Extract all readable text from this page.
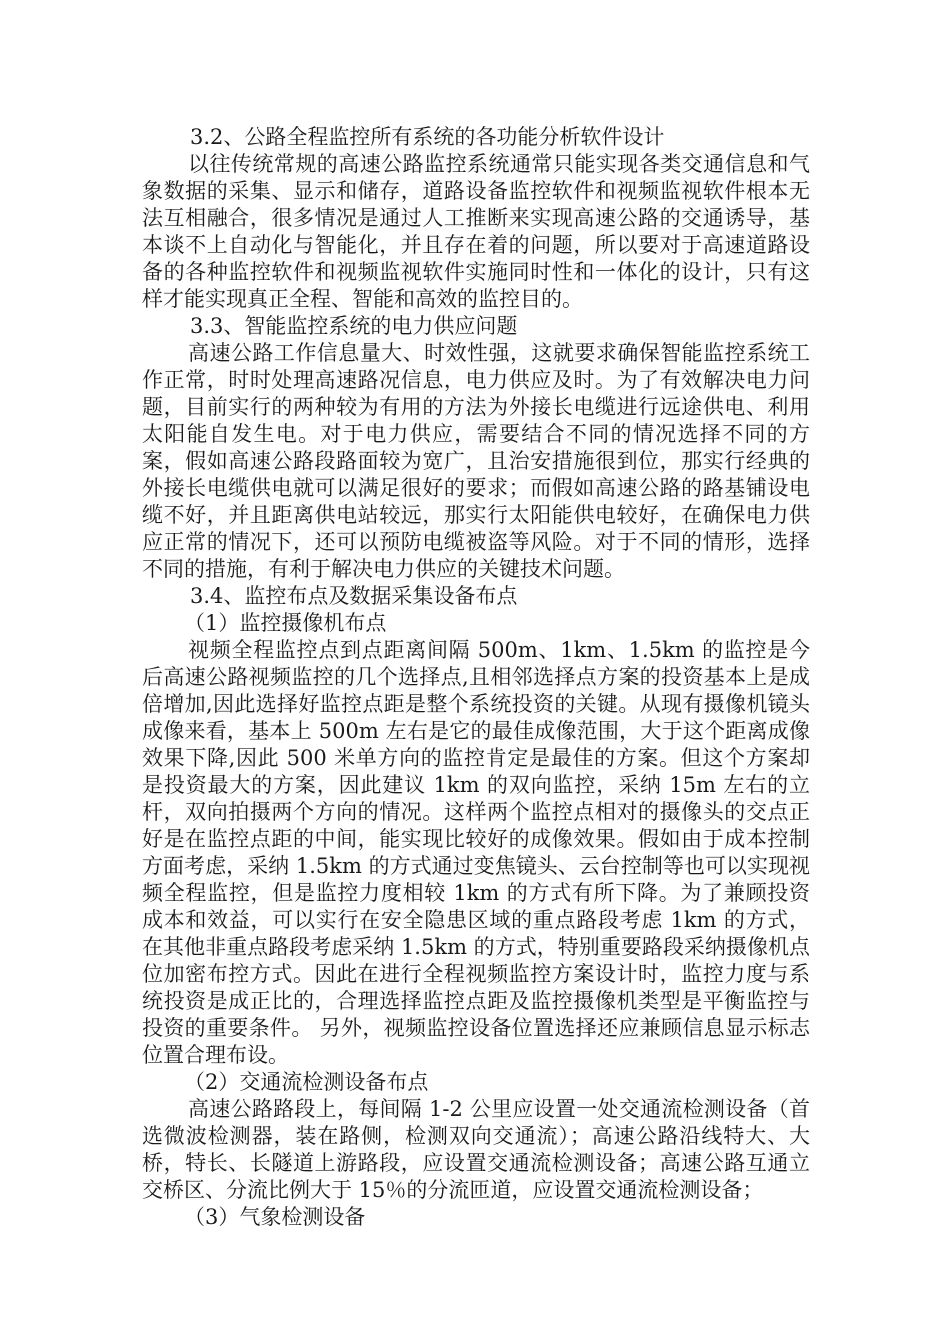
3.2、公路全程监控所有系统的各功能分析软件设计

以往传统常规的高速公路监控系统通常只能实现各类交通信息和气象数据的采集、显示和储存，道路设备监控软件和视频监视软件根本无法互相融合，很多情况是通过人工推断来实现高速公路的交通诱导，基本谈不上自动化与智能化，并且存在着的问题，所以要对于高速道路设备的各种监控软件和视频监视软件实施同时性和一体化的设计，只有这样才能实现真正全程、智能和高效的监控目的。

3.3、智能监控系统的电力供应问题

高速公路工作信息量大、时效性强，这就要求确保智能监控系统工作正常，时时处理高速路况信息，电力供应及时。为了有效解决电力问题，目前实行的两种较为有用的方法为外接长电缆进行远途供电、利用太阳能自发生电。对于电力供应，需要结合不同的情况选择不同的方案，假如高速公路段路面较为宽广，且治安措施很到位，那实行经典的外接长电缆供电就可以满足很好的要求；而假如高速公路的路基铺设电缆不好，并且距离供电站较远，那实行太阳能供电较好，在确保电力供应正常的情况下，还可以预防电缆被盗等风险。对于不同的情形，选择不同的措施，有利于解决电力供应的关键技术问题。

3.4、监控布点及数据采集设备布点

（1）监控摄像机布点

视频全程监控点到点距离间隔 500m、1km、1.5km 的监控是今后高速公路视频监控的几个选择点,且相邻选择点方案的投资基本上是成倍增加,因此选择好监控点距是整个系统投资的关键。从现有摄像机镜头成像来看，基本上 500m 左右是它的最佳成像范围，大于这个距离成像效果下降,因此 500 米单方向的监控肯定是最佳的方案。但这个方案却是投资最大的方案，因此建议 1km 的双向监控，采纳 15m 左右的立杆，双向拍摄两个方向的情况。这样两个监控点相对的摄像头的交点正好是在监控点距的中间，能实现比较好的成像效果。假如由于成本控制方面考虑，采纳 1.5km 的方式通过变焦镜头、云台控制等也可以实现视频全程监控，但是监控力度相较 1km 的方式有所下降。为了兼顾投资成本和效益，可以实行在安全隐患区域的重点路段考虑 1km 的方式，在其他非重点路段考虑采纳 1.5km 的方式，特别重要路段采纳摄像机点位加密布控方式。因此在进行全程视频监控方案设计时，监控力度与系统投资是成正比的，合理选择监控点距及监控摄像机类型是平衡监控与投资的重要条件。 另外，视频监控设备位置选择还应兼顾信息显示标志位置合理布设。

（2）交通流检测设备布点

高速公路路段上，每间隔 1-2 公里应设置一处交通流检测设备（首选微波检测器，装在路侧，检测双向交通流）；高速公路沿线特大、大桥，特长、长隧道上游路段，应设置交通流检测设备；高速公路互通立交桥区、分流比例大于 15％的分流匝道，应设置交通流检测设备；

（3）气象检测设备
